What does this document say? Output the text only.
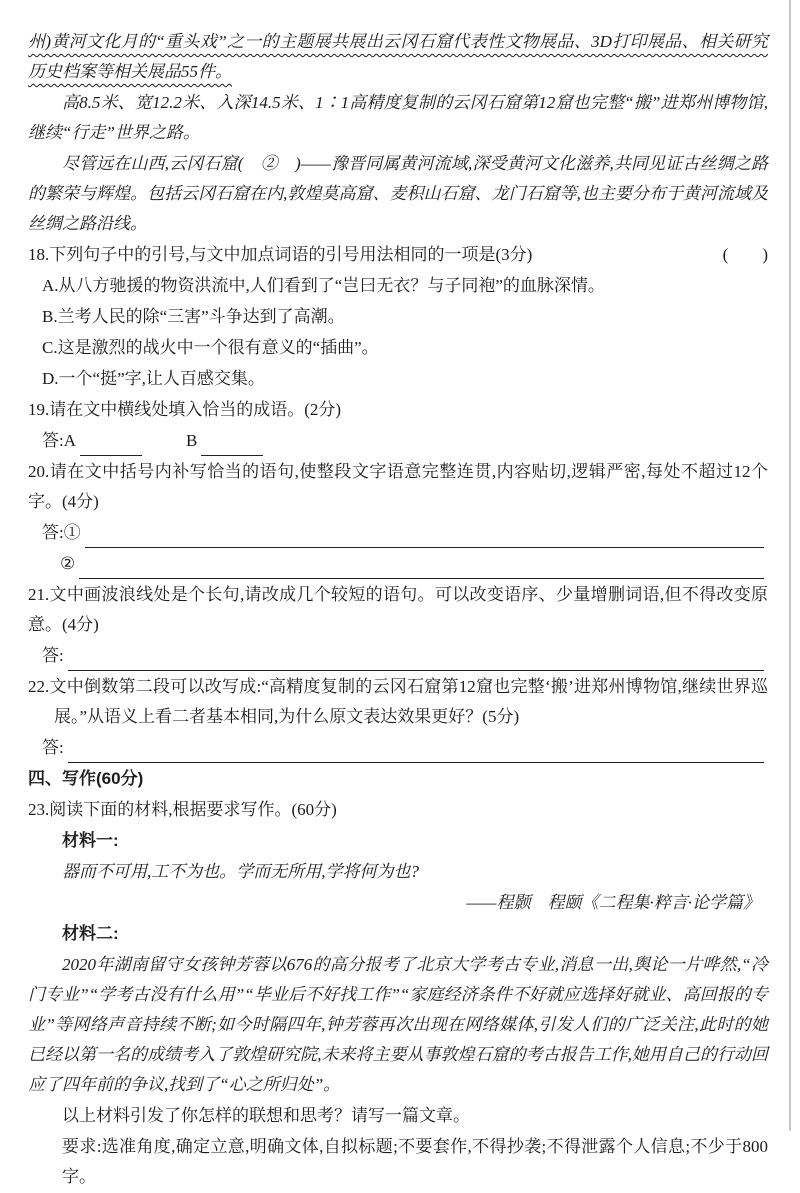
州)黄河文化月的“重头戏”之一的主题展共展出云冈石窟代表性文物展品、3D打印展品、相关研究历史档案等相关展品55件。

高8.5米、宽12.2米、入深14.5米、1∶1高精度复制的云冈石窟第12窟也完整“搬”进郑州博物馆,继续“行走”世界之路。

尽管远在山西,云冈石窟(　②　)——豫晋同属黄河流域,深受黄河文化滋养,共同见证古丝绸之路的繁荣与辉煌。包括云冈石窟在内,敦煌莫高窟、麦积山石窟、龙门石窟等,也主要分布于黄河流域及丝绸之路沿线。

18.下列句子中的引号,与文中加点词语的引号用法相同的一项是(3分)	(　　)

A.从八方驰援的物资洪流中,人们看到了“岂曰无衣？与子同袍”的血脉深情。

B.兰考人民的除“三害”斗争达到了高潮。

C.这是激烈的战火中一个很有意义的“插曲”。

D.一个“挺”字,让人百感交集。

19.请在文中横线处填入恰当的成语。(2分)

答:A	B

20.请在文中括号内补写恰当的语句,使整段文字语意完整连贯,内容贴切,逻辑严密,每处不超过12个字。(4分)

答:①
②

21.文中画波浪线处是个长句,请改成几个较短的语句。可以改变语序、少量增删词语,但不得改变原意。(4分)

答:

22.文中倒数第二段可以改写成:“高精度复制的云冈石窟第12窟也完整‘搬’进郑州博物馆,继续世界巡展。”从语义上看二者基本相同,为什么原文表达效果更好？(5分)

答:

四、写作(60分)

23.阅读下面的材料,根据要求写作。(60分)

材料一:

器而不可用,工不为也。学而无所用,学将何为也?

——程颢　程颐《二程集·粹言·论学篇》

材料二:

2020年湖南留守女孩钟芳蓉以676的高分报考了北京大学考古专业,消息一出,舆论一片哗然,“冷门专业”“学考古没有什么用”“毕业后不好找工作”“家庭经济条件不好就应选择好就业、高回报的专业”等网络声音持续不断;如今时隔四年,钟芳蓉再次出现在网络媒体,引发人们的广泛关注,此时的她已经以第一名的成绩考入了敦煌研究院,未来将主要从事敦煌石窟的考古报告工作,她用自己的行动回应了四年前的争议,找到了“心之所归处”。

以上材料引发了你怎样的联想和思考？请写一篇文章。

要求:选准角度,确定立意,明确文体,自拟标题;不要套作,不得抄袭;不得泄露个人信息;不少于800字。
